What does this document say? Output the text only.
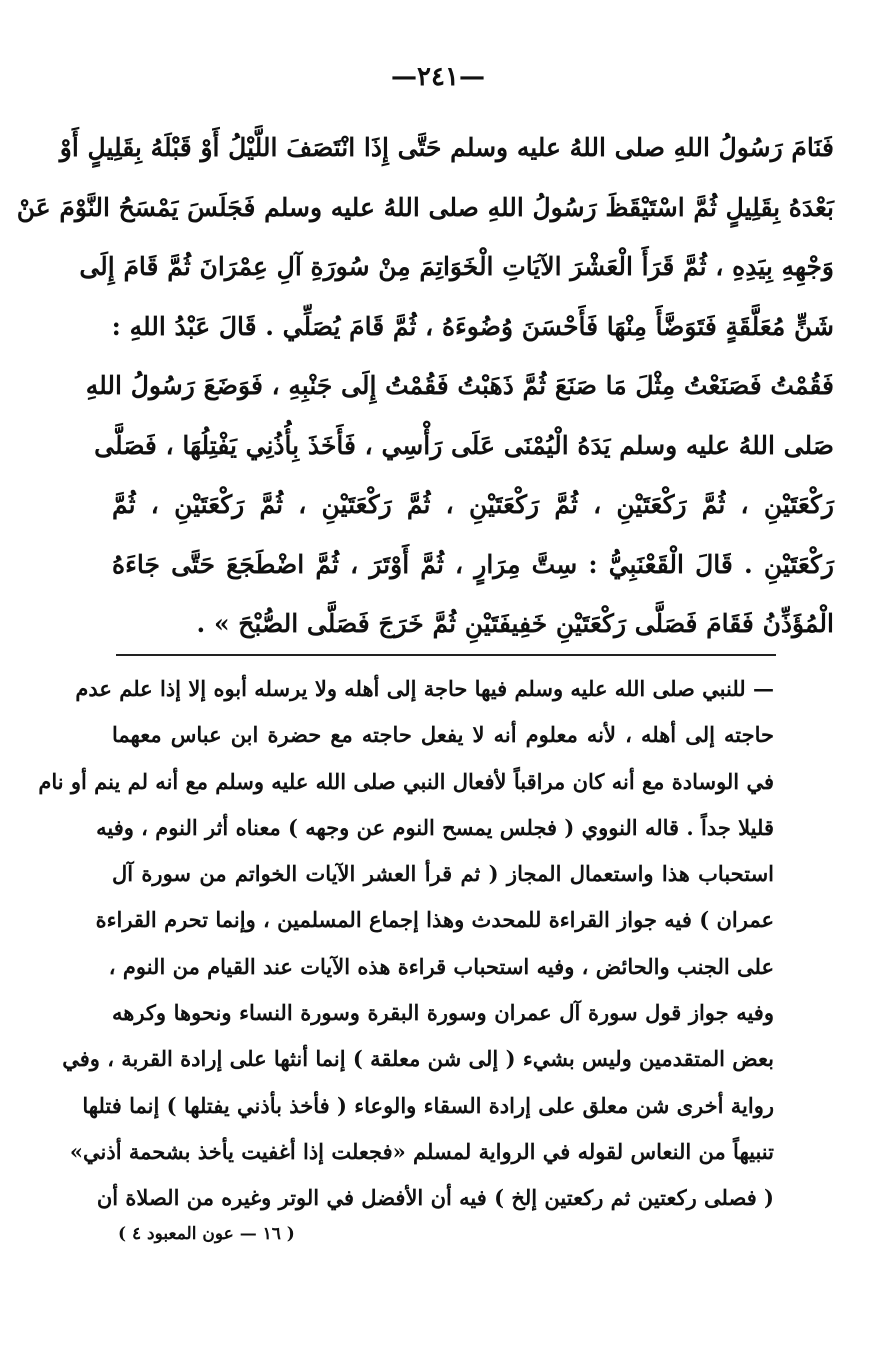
—٢٤١—
فَنَامَ رَسُولُ اللهِ صلى اللهُ عليه وسلم حَتَّى إِذَا انْتَصَفَ اللَّيْلُ أَوْ قَبْلَهُ بِقَلِيلٍ أَوْ
بَعْدَهُ بِقَلِيلٍ ثُمَّ اسْتَيْقَظَ رَسُولُ اللهِ صلى اللهُ عليه وسلم فَجَلَسَ يَمْسَحُ النَّوْمَ عَنْ
وَجْهِهِ بِيَدِهِ ، ثُمَّ قَرَأَ الْعَشْرَ الآيَاتِ الْخَوَاتِمَ مِنْ سُورَةِ آلِ عِمْرَانَ ثُمَّ قَامَ إِلَى
شَنٍّ مُعَلَّقَةٍ فَتَوَضَّأَ مِنْهَا فَأَحْسَنَ وُضُوءَهُ ، ثُمَّ قَامَ يُصَلِّي . قَالَ عَبْدُ اللهِ :
فَقُمْتُ فَصَنَعْتُ مِثْلَ مَا صَنَعَ ثُمَّ ذَهَبْتُ فَقُمْتُ إِلَى جَنْبِهِ ، فَوَضَعَ رَسُولُ اللهِ
صَلى اللهُ عليه وسلم يَدَهُ الْيُمْنَى عَلَى رَأْسِي ، فَأَخَذَ بِأُذُنِي يَفْتِلُهَا ، فَصَلَّى
رَكْعَتَيْنِ ، ثُمَّ رَكْعَتَيْنِ ، ثُمَّ رَكْعَتَيْنِ ، ثُمَّ رَكْعَتَيْنِ ، ثُمَّ رَكْعَتَيْنِ ، ثُمَّ
رَكْعَتَيْنِ . قَالَ الْقَعْنَبِيُّ : سِتَّ مِرَارٍ ، ثُمَّ أَوْتَرَ ، ثُمَّ اضْطَجَعَ حَتَّى جَاءَهُ
الْمُؤَذِّنُ فَقَامَ فَصَلَّى رَكْعَتَيْنِ خَفِيفَتَيْنِ ثُمَّ خَرَجَ فَصَلَّى الصُّبْحَ » .
— للنبي صلى الله عليه وسلم فيها حاجة إلى أهله ولا يرسله أبوه إلا إذا علم عدم
حاجته إلى أهله ، لأنه معلوم أنه لا يفعل حاجته مع حضرة ابن عباس معهما
في الوسادة مع أنه كان مراقباً لأفعال النبي صلى الله عليه وسلم مع أنه لم ينم أو نام
قليلا جداً . قاله النووي ( فجلس يمسح النوم عن وجهه ) معناه أثر النوم ، وفيه
استحباب هذا واستعمال المجاز ( ثم قرأ العشر الآيات الخواتم من سورة آل
عمران ) فيه جواز القراءة للمحدث وهذا إجماع المسلمين ، وإنما تحرم القراءة
على الجنب والحائض ، وفيه استحباب قراءة هذه الآيات عند القيام من النوم ،
وفيه جواز قول سورة آل عمران وسورة البقرة وسورة النساء ونحوها وكرهه
بعض المتقدمين وليس بشيء ( إلى شن معلقة ) إنما أنثها على إرادة القربة ، وفي
رواية أخرى شن معلق على إرادة السقاء والوعاء ( فأخذ بأذني يفتلها ) إنما فتلها
تنبيهاً من النعاس لقوله في الرواية لمسلم «فجعلت إذا أغفيت يأخذ بشحمة أذني»
( فصلى ركعتين ثم ركعتين إلخ ) فيه أن الأفضل في الوتر وغيره من الصلاة أن
( ١٦ — عون المعبود ٤ )
